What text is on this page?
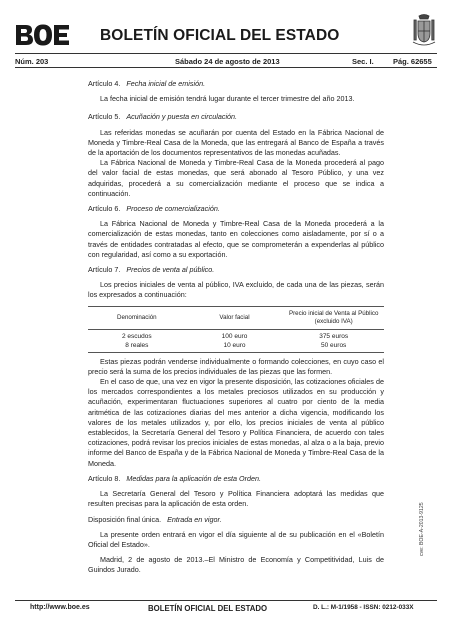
BOLETÍN OFICIAL DEL ESTADO
Núm. 203	Sábado 24 de agosto de 2013	Sec. I.	Pág. 62655

Artículo 4. Fecha inicial de emisión.

La fecha inicial de emisión tendrá lugar durante el tercer trimestre del año 2013.

Artículo 5. Acuñación y puesta en circulación.

Las referidas monedas se acuñarán por cuenta del Estado en la Fábrica Nacional de Moneda y Timbre-Real Casa de la Moneda, que las entregará al Banco de España a través de la aportación de los documentos representativos de las monedas acuñadas.

La Fábrica Nacional de Moneda y Timbre-Real Casa de la Moneda procederá al pago del valor facial de estas monedas, que será abonado al Tesoro Público, y una vez adquiridas, procederá a su comercialización mediante el proceso que se indica a continuación.

Artículo 6. Proceso de comercialización.

La Fábrica Nacional de Moneda y Timbre-Real Casa de la Moneda procederá a la comercialización de estas monedas, tanto en colecciones como aisladamente, por sí o a través de entidades contratadas al efecto, que se comprometerán a expenderlas al público con regularidad, así como a su exportación.

Artículo 7. Precios de venta al público.

Los precios iniciales de venta al público, IVA excluido, de cada una de las piezas, serán los expresados a continuación:

Denominación	Valor facial	Precio inicial de Venta al Público (excluido IVA)
2 escudos	100 euro	375 euros
8 reales	10 euro	50 euros

Estas piezas podrán venderse individualmente o formando colecciones, en cuyo caso el precio será la suma de los precios individuales de las piezas que las formen.

En el caso de que, una vez en vigor la presente disposición, las cotizaciones oficiales de los mercados correspondientes a los metales preciosos utilizados en su producción y acuñación, experimentaran fluctuaciones superiores al cuatro por ciento de la media aritmética de las cotizaciones diarias del mes anterior a dicha vigencia, modificando los valores de los metales utilizados y, por ello, los precios iniciales de venta al público establecidos, la Secretaría General del Tesoro y Política Financiera, de acuerdo con tales cotizaciones, podrá revisar los precios iniciales de estas monedas, al alza o a la baja, previo informe del Banco de España y de la Fábrica Nacional de Moneda y Timbre-Real Casa de la Moneda.

Artículo 8. Medidas para la aplicación de esta Orden.

La Secretaría General del Tesoro y Política Financiera adoptará las medidas que resulten precisas para la aplicación de esta orden.

Disposición final única. Entrada en vigor.

La presente orden entrará en vigor el día siguiente al de su publicación en el «Boletín Oficial del Estado».

Madrid, 2 de agosto de 2013.–El Ministro de Economía y Competitividad, Luis de Guindos Jurado.

cve: BOE-A-2013-9125
http://www.boe.es	BOLETÍN OFICIAL DEL ESTADO	D. L.: M-1/1958 - ISSN: 0212-033X
